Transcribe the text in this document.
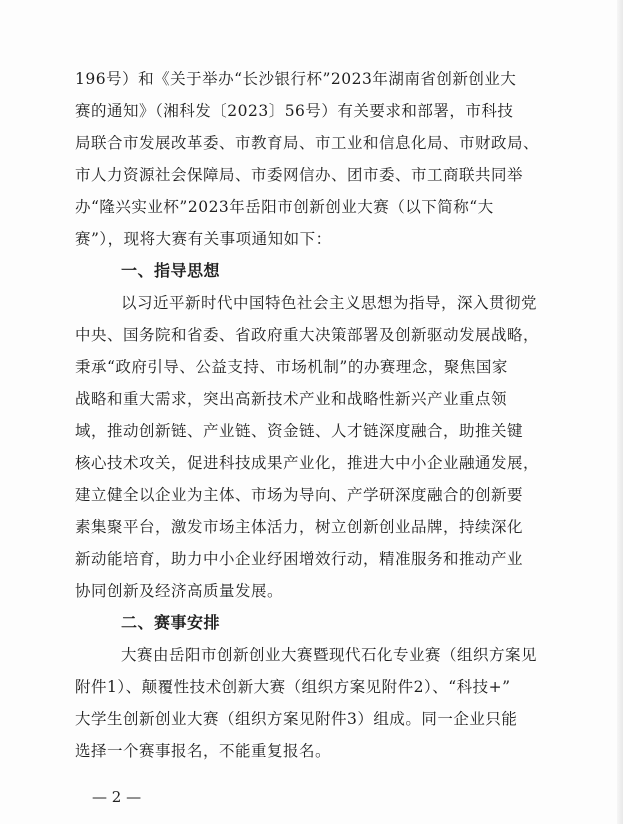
196号）和《关于举办“长沙银行杯”2023年湖南省创新创业大
赛的通知》（湘科发〔2023〕56号）有关要求和部署，市科技
局联合市发展改革委、市教育局、市工业和信息化局、市财政局、
市人力资源社会保障局、市委网信办、团市委、市工商联共同举
办“隆兴实业杯”2023年岳阳市创新创业大赛（以下简称“大
赛”），现将大赛有关事项通知如下：
一、指导思想
以习近平新时代中国特色社会主义思想为指导，深入贯彻党
中央、国务院和省委、省政府重大决策部署及创新驱动发展战略，
秉承“政府引导、公益支持、市场机制”的办赛理念，聚焦国家
战略和重大需求，突出高新技术产业和战略性新兴产业重点领
域，推动创新链、产业链、资金链、人才链深度融合，助推关键
核心技术攻关，促进科技成果产业化，推进大中小企业融通发展，
建立健全以企业为主体、市场为导向、产学研深度融合的创新要
素集聚平台，激发市场主体活力，树立创新创业品牌，持续深化
新动能培育，助力中小企业纾困增效行动，精准服务和推动产业
协同创新及经济高质量发展。
二、赛事安排
大赛由岳阳市创新创业大赛暨现代石化专业赛（组织方案见
附件1）、颠覆性技术创新大赛（组织方案见附件2）、“科技+”
大学生创新创业大赛（组织方案见附件3）组成。同一企业只能
选择一个赛事报名，不能重复报名。
— 2 —
